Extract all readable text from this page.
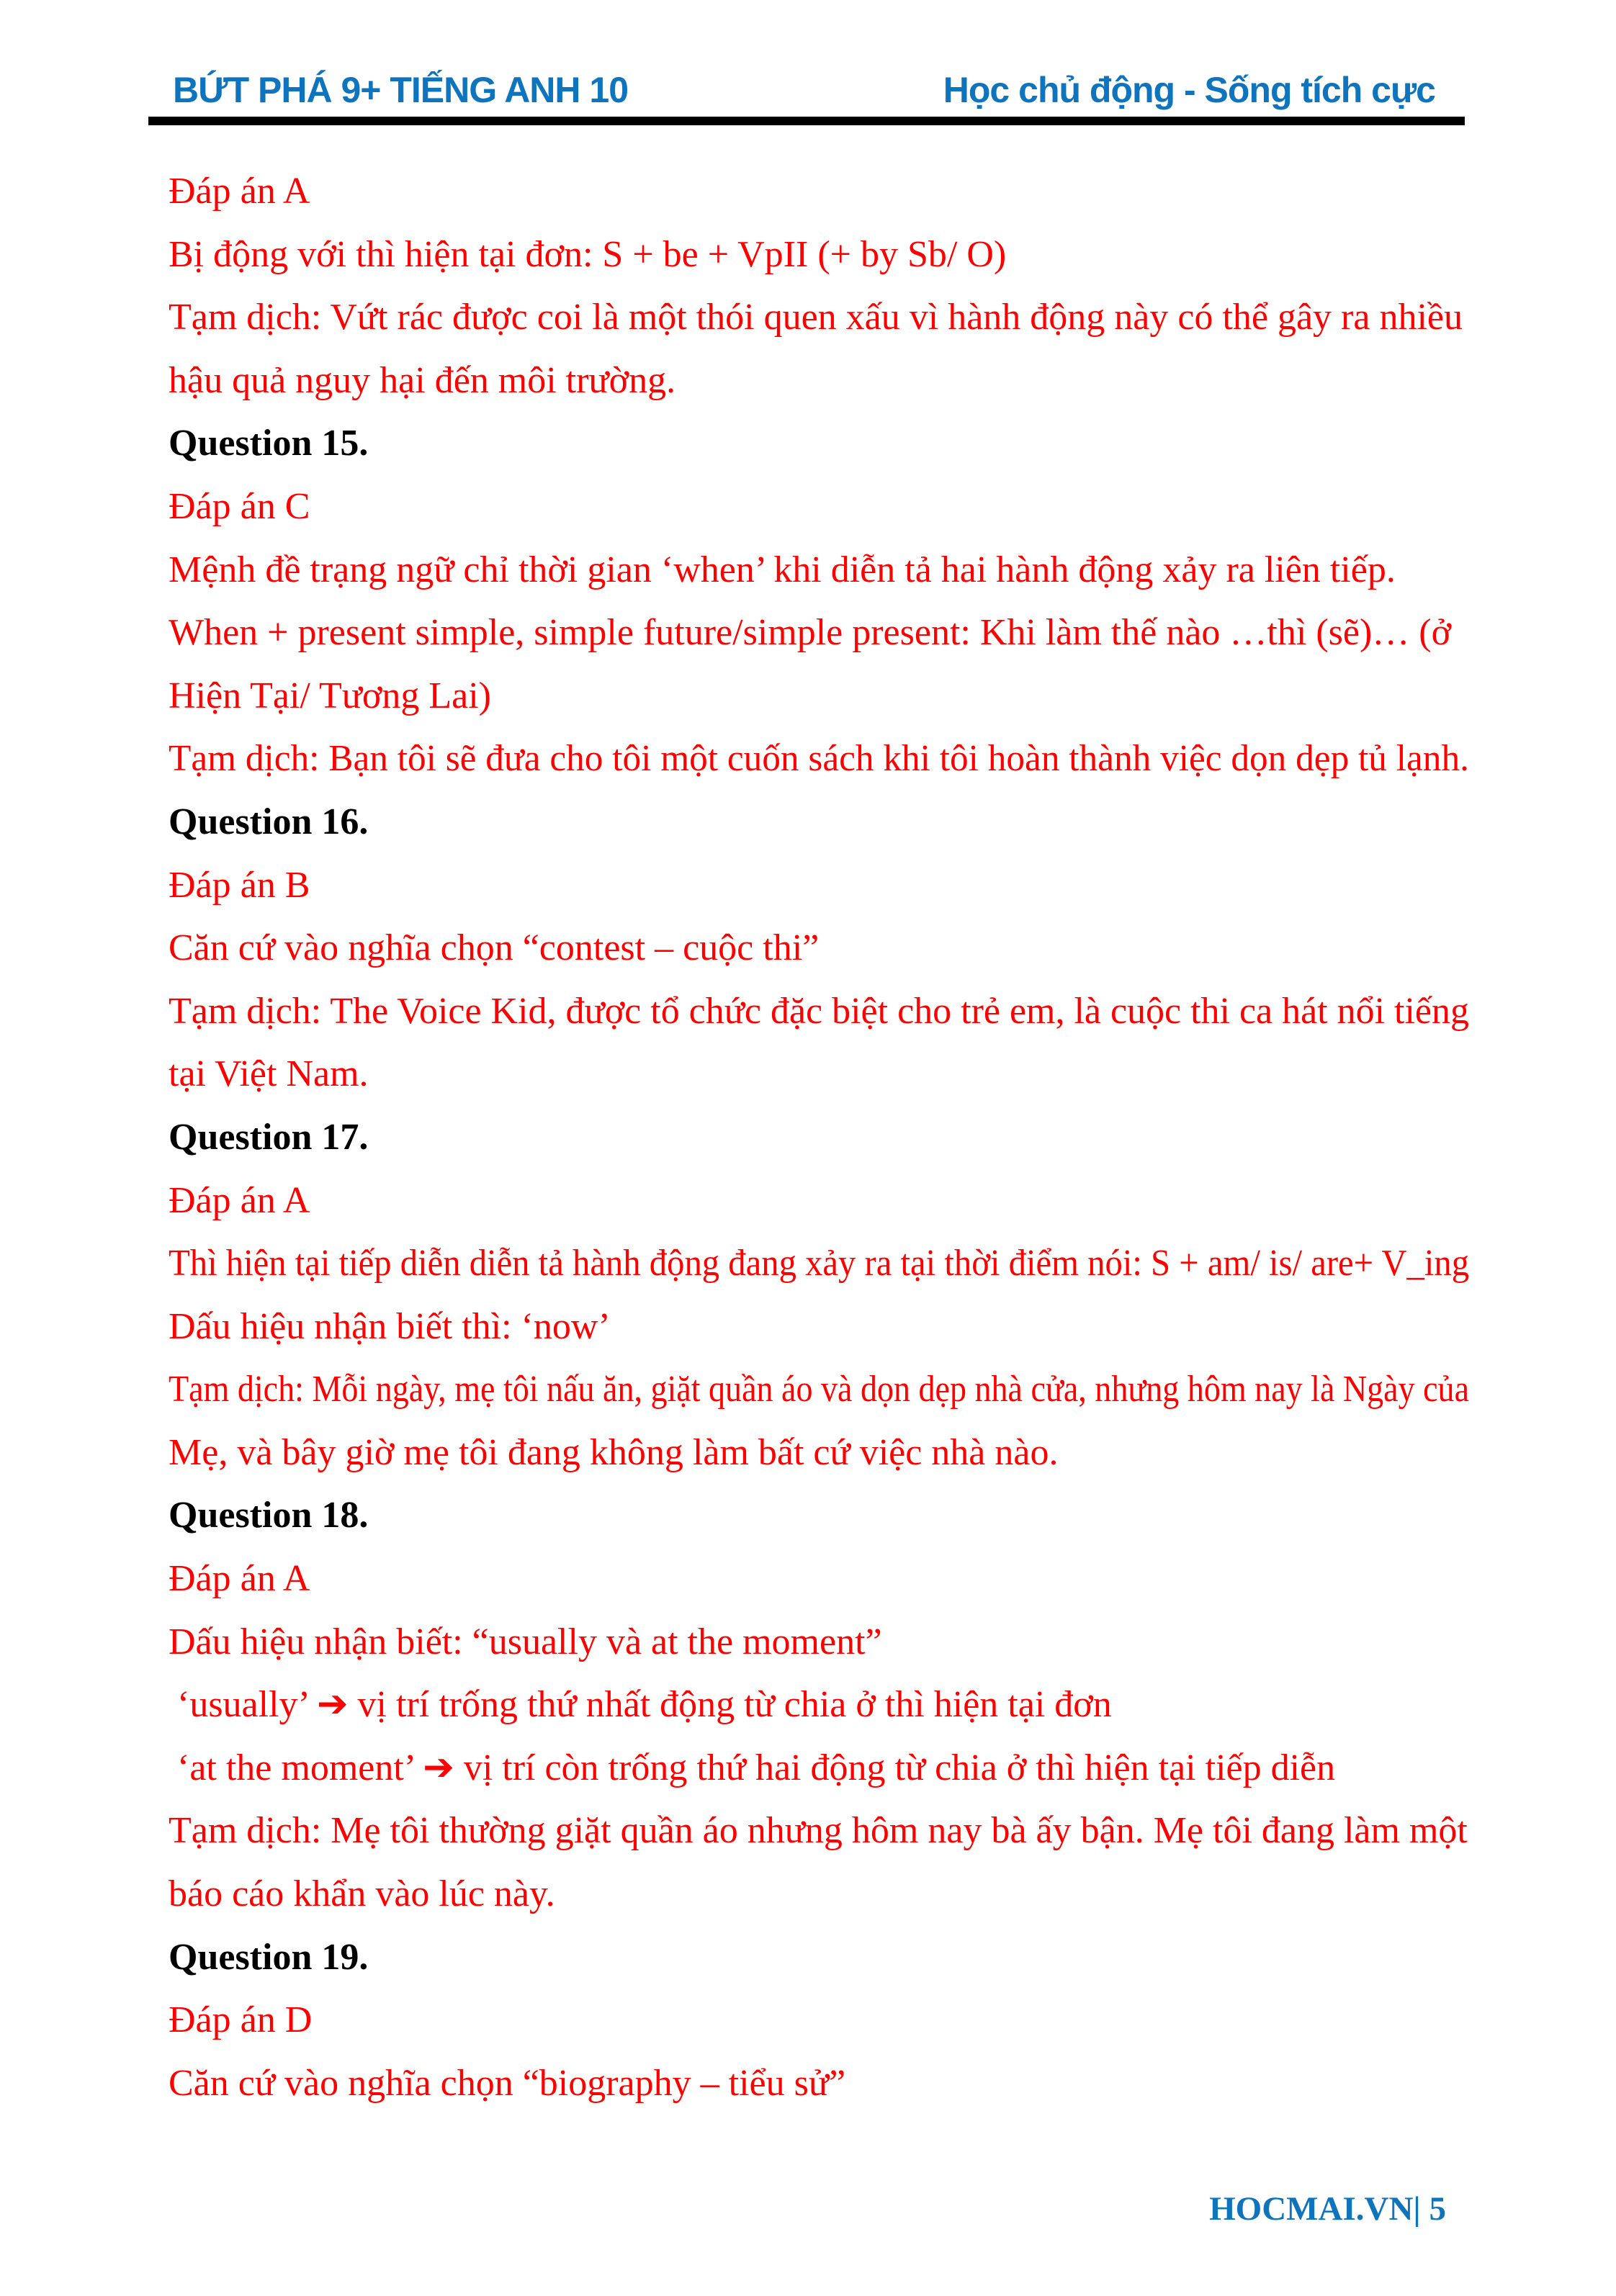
BỨT PHÁ 9+ TIẾNG ANH 10	Học chủ động - Sống tích cực
Đáp án A
Bị động với thì hiện tại đơn: S + be + VpII (+ by Sb/ O)
Tạm dịch: Vứt rác được coi là một thói quen xấu vì hành động này có thể gây ra nhiều
hậu quả nguy hại đến môi trường.
Question 15.
Đáp án C
Mệnh đề trạng ngữ chỉ thời gian ‘when’ khi diễn tả hai hành động xảy ra liên tiếp.
When + present simple, simple future/simple present: Khi làm thế nào …thì (sẽ)… (ở
Hiện Tại/ Tương Lai)
Tạm dịch: Bạn tôi sẽ đưa cho tôi một cuốn sách khi tôi hoàn thành việc dọn dẹp tủ lạnh.
Question 16.
Đáp án B
Căn cứ vào nghĩa chọn “contest – cuộc thi”
Tạm dịch: The Voice Kid, được tổ chức đặc biệt cho trẻ em, là cuộc thi ca hát nổi tiếng
tại Việt Nam.
Question 17.
Đáp án A
Thì hiện tại tiếp diễn diễn tả hành động đang xảy ra tại thời điểm nói: S + am/ is/ are+ V_ing
Dấu hiệu nhận biết thì: ‘now’
Tạm dịch: Mỗi ngày, mẹ tôi nấu ăn, giặt quần áo và dọn dẹp nhà cửa, nhưng hôm nay là Ngày của
Mẹ, và bây giờ mẹ tôi đang không làm bất cứ việc nhà nào.
Question 18.
Đáp án A
Dấu hiệu nhận biết: “usually và at the moment”
‘usually’ ➔ vị trí trống thứ nhất động từ chia ở thì hiện tại đơn
‘at the moment’ ➔ vị trí còn trống thứ hai động từ chia ở thì hiện tại tiếp diễn
Tạm dịch: Mẹ tôi thường giặt quần áo nhưng hôm nay bà ấy bận. Mẹ tôi đang làm một
báo cáo khẩn vào lúc này.
Question 19.
Đáp án D
Căn cứ vào nghĩa chọn “biography – tiểu sử”
HOCMAI.VN| 5
